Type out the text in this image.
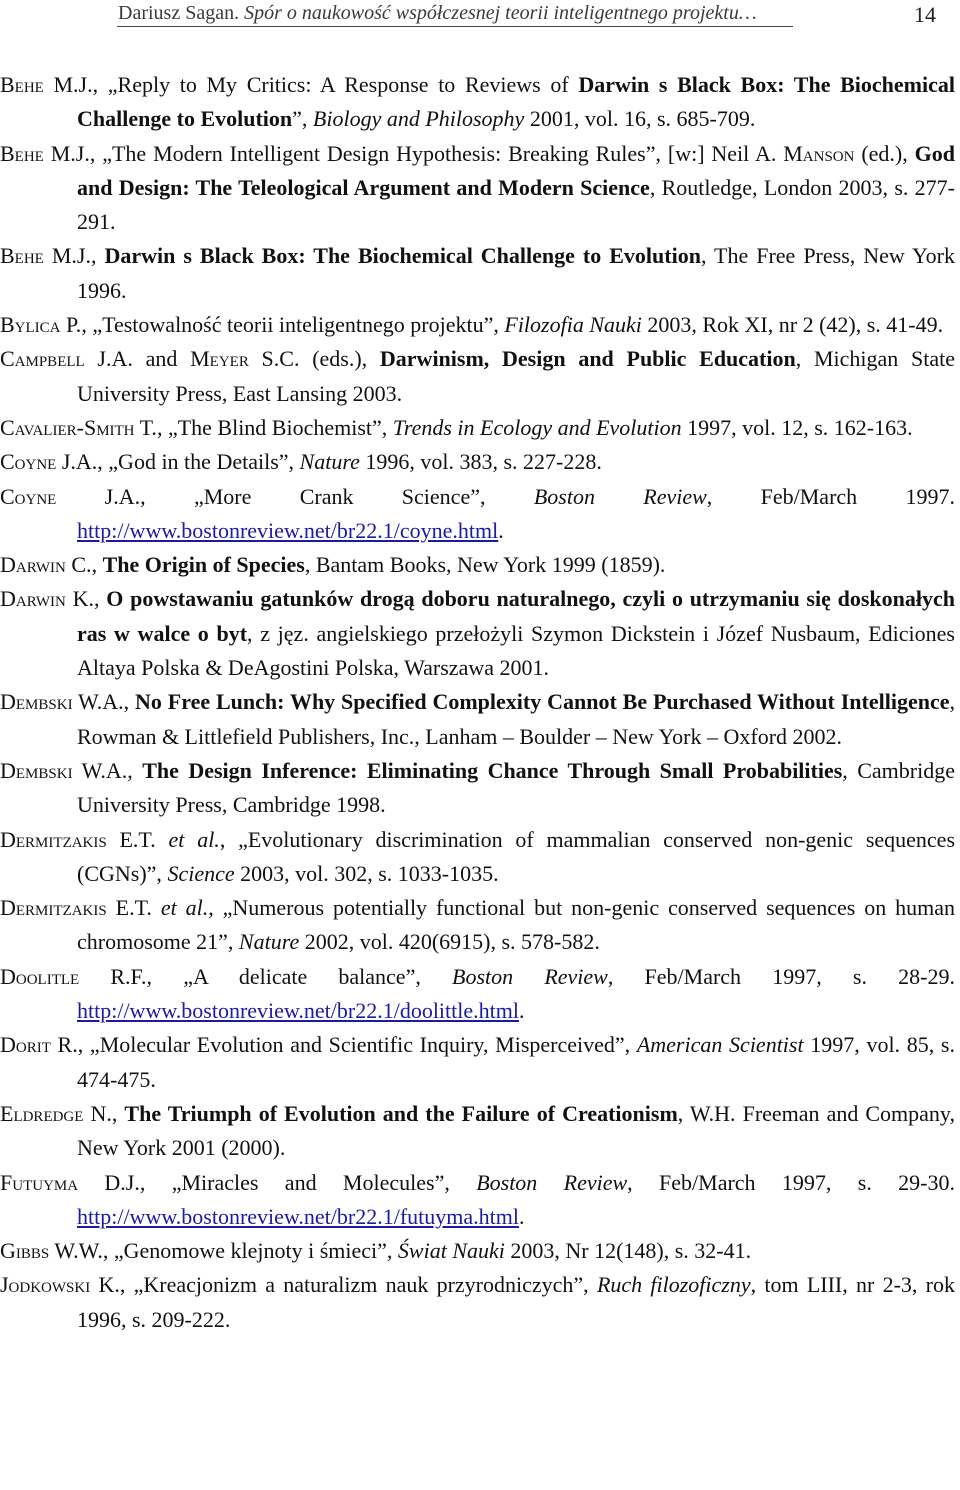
Dariusz Sagan. Spór o naukowość współczesnej teorii inteligentnego projektu…	14

Behe M.J., „Reply to My Critics: A Response to Reviews of Darwin s Black Box: The Biochemical Challenge to Evolution”, Biology and Philosophy 2001, vol. 16, s. 685-709.

Behe M.J., „The Modern Intelligent Design Hypothesis: Breaking Rules”, [w:] Neil A. Manson (ed.), God and Design: The Teleological Argument and Modern Science, Routledge, London 2003, s. 277-291.

Behe M.J., Darwin s Black Box: The Biochemical Challenge to Evolution, The Free Press, New York 1996.

Bylica P., „Testowalność teorii inteligentnego projektu”, Filozofia Nauki 2003, Rok XI, nr 2 (42), s. 41-49.

Campbell J.A. and Meyer S.C. (eds.), Darwinism, Design and Public Education, Michigan State University Press, East Lansing 2003.

Cavalier-Smith T., „The Blind Biochemist”, Trends in Ecology and Evolution 1997, vol. 12, s. 162-163.

Coyne J.A., „God in the Details”, Nature 1996, vol. 383, s. 227-228.

Coyne J.A., „More Crank Science”, Boston Review, Feb/March 1997. http://www.bostonreview.net/br22.1/coyne.html.

Darwin C., The Origin of Species, Bantam Books, New York 1999 (1859).

Darwin K., O powstawaniu gatunków drogą doboru naturalnego, czyli o utrzymaniu się doskonałych ras w walce o byt, z jęz. angielskiego przełożyli Szymon Dickstein i Józef Nusbaum, Ediciones Altaya Polska & DeAgostini Polska, Warszawa 2001.

Dembski W.A., No Free Lunch: Why Specified Complexity Cannot Be Purchased Without Intelligence, Rowman & Littlefield Publishers, Inc., Lanham – Boulder – New York – Oxford 2002.

Dembski W.A., The Design Inference: Eliminating Chance Through Small Probabilities, Cambridge University Press, Cambridge 1998.

Dermitzakis E.T. et al., „Evolutionary discrimination of mammalian conserved non-genic sequences (CGNs)”, Science 2003, vol. 302, s. 1033-1035.

Dermitzakis E.T. et al., „Numerous potentially functional but non-genic conserved sequences on human chromosome 21”, Nature 2002, vol. 420(6915), s. 578-582.

Doolitle R.F., „A delicate balance”, Boston Review, Feb/March 1997, s. 28-29. http://www.bostonreview.net/br22.1/doolittle.html.

Dorit R., „Molecular Evolution and Scientific Inquiry, Misperceived”, American Scientist 1997, vol. 85, s. 474-475.

Eldredge N., The Triumph of Evolution and the Failure of Creationism, W.H. Freeman and Company, New York 2001 (2000).

Futuyma D.J., „Miracles and Molecules”, Boston Review, Feb/March 1997, s. 29-30. http://www.bostonreview.net/br22.1/futuyma.html.

Gibbs W.W., „Genomowe klejnoty i śmieci”, Świat Nauki 2003, Nr 12(148), s. 32-41.

Jodkowski K., „Kreacjonizm a naturalizm nauk przyrodniczych”, Ruch filozoficzny, tom LIII, nr 2-3, rok 1996, s. 209-222.
